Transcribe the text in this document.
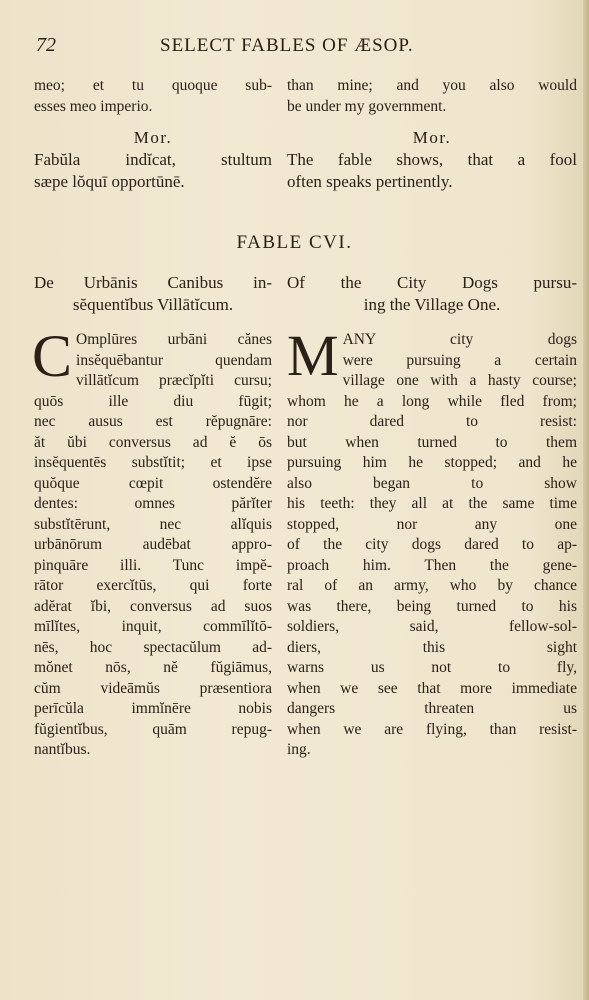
72	SELECT FABLES OF ÆSOP.
meo; et tu quoque sub-
esses meo imperio.
Mor.
Fabŭla indĭcat, stultum
sæpe lŏquī opportūnē.
than mine; and you also would
be under my government.
Mor.
The fable shows, that a fool
often speaks pertinently.
FABLE CVI.
De Urbānis Canibus in-
sĕquentĭbus Villātĭcum.
C Omplūres urbāni cănes
insĕquēbantur quendam
villātĭcum præcĭpĭti cursu;
quōs ille diu fūgit;
nec ausus est rĕpugnāre:
ăt ŭbi conversus ad ĕ ōs
insĕquentēs substĭtit; et ipse
quŏque cœpit ostendĕre
dentes: omnes părĭter
substĭtērunt, nec alĭquis
urbānōrum audēbat appro-
pinquāre illi. Tunc impĕ-
rātor exercĭtūs, qui forte
adĕrat ĭbi, conversus ad suos
mīlĭtes, inquit, commīlĭtō-
nēs, hoc spectacŭlum ad-
mŏnet nōs, nĕ fŭgiāmus,
cŭm videāmŭs præsentiora
perīcŭla immĭnēre nobis
fŭgientĭbus, quām repug-
nantĭbus.
Of the City Dogs pursu-
ing the Village One.
M ANY city dogs
were pursuing a certain
village one with a hasty course;
whom he a long while fled from;
nor dared to resist:
but when turned to them
pursuing him he stopped; and he
also began to show
his teeth: they all at the same time
stopped, nor any one
of the city dogs dared to ap-
proach him. Then the gene-
ral of an army, who by chance
was there, being turned to his
soldiers, said, fellow-sol-
diers, this sight
warns us not to fly,
when we see that more immediate
dangers threaten us
when we are flying, than resist-
ing.
